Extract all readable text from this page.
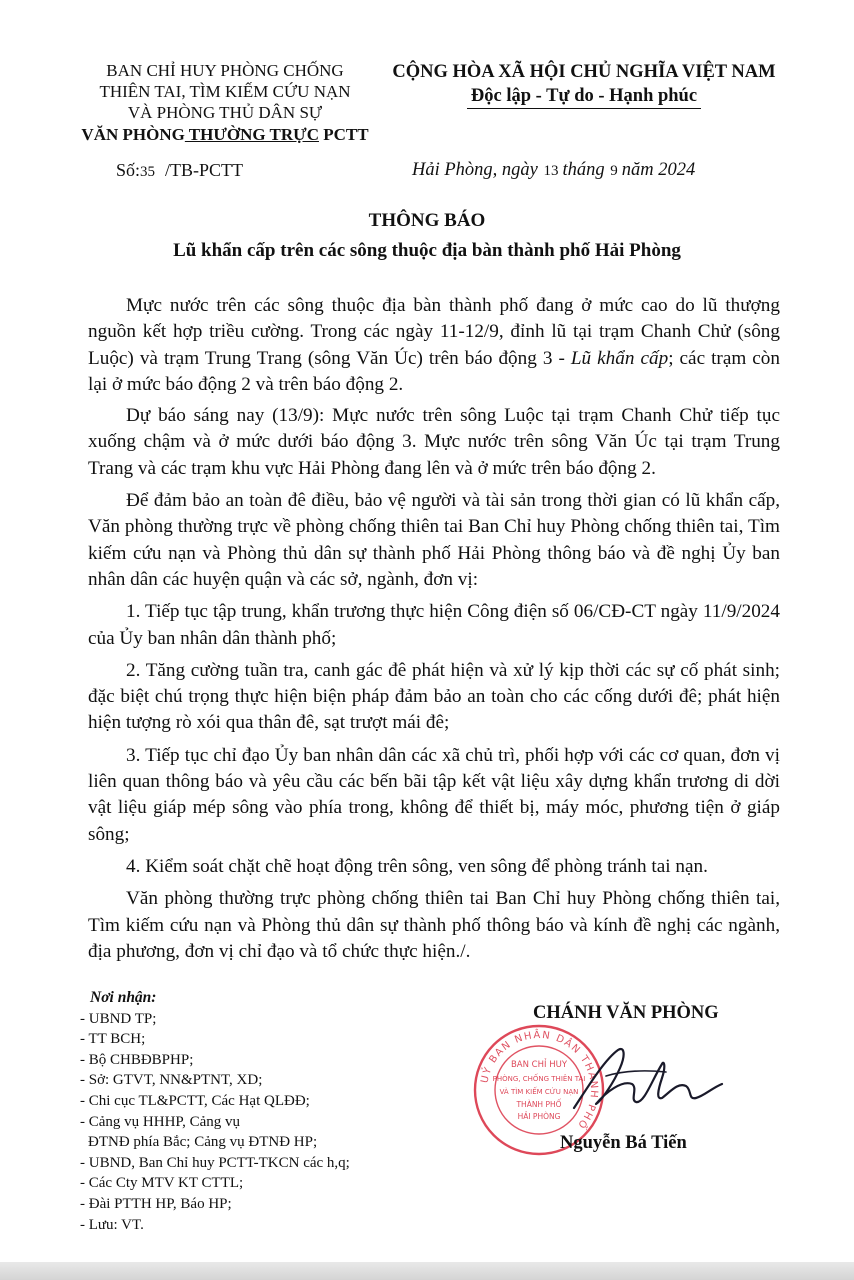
BAN CHỈ HUY PHÒNG CHỐNG
THIÊN TAI, TÌM KIẾM CỨU NẠN
VÀ PHÒNG THỦ DÂN SỰ
VĂN PHÒNG THƯỜNG TRỰC PCTT
CỘNG HÒA XÃ HỘI CHỦ NGHĨA VIỆT NAM
Độc lập - Tự do - Hạnh phúc
Số:35 /TB-PCTT	Hải Phòng, ngày 13 tháng 9 năm 2024
THÔNG BÁO
Lũ khẩn cấp trên các sông thuộc địa bàn thành phố Hải Phòng

Mực nước trên các sông thuộc địa bàn thành phố đang ở mức cao do lũ thượng nguồn kết hợp triều cường. Trong các ngày 11-12/9, đỉnh lũ tại trạm Chanh Chử (sông Luộc) và trạm Trung Trang (sông Văn Úc) trên báo động 3 - Lũ khẩn cấp; các trạm còn lại ở mức báo động 2 và trên báo động 2.

Dự báo sáng nay (13/9): Mực nước trên sông Luộc tại trạm Chanh Chử tiếp tục xuống chậm và ở mức dưới báo động 3. Mực nước trên sông Văn Úc tại trạm Trung Trang và các trạm khu vực Hải Phòng đang lên và ở mức trên báo động 2.

Để đảm bảo an toàn đê điều, bảo vệ người và tài sản trong thời gian có lũ khẩn cấp, Văn phòng thường trực về phòng chống thiên tai Ban Chỉ huy Phòng chống thiên tai, Tìm kiếm cứu nạn và Phòng thủ dân sự thành phố Hải Phòng thông báo và đề nghị Ủy ban nhân dân các huyện quận và các sở, ngành, đơn vị:

1. Tiếp tục tập trung, khẩn trương thực hiện Công điện số 06/CĐ-CT ngày 11/9/2024 của Ủy ban nhân dân thành phố;

2. Tăng cường tuần tra, canh gác đê phát hiện và xử lý kịp thời các sự cố phát sinh; đặc biệt chú trọng thực hiện biện pháp đảm bảo an toàn cho các cống dưới đê; phát hiện hiện tượng rò xói qua thân đê, sạt trượt mái đê;

3. Tiếp tục chỉ đạo Ủy ban nhân dân các xã chủ trì, phối hợp với các cơ quan, đơn vị liên quan thông báo và yêu cầu các bến bãi tập kết vật liệu xây dựng khẩn trương di dời vật liệu giáp mép sông vào phía trong, không để thiết bị, máy móc, phương tiện ở giáp sông;

4. Kiểm soát chặt chẽ hoạt động trên sông, ven sông để phòng tránh tai nạn.

Văn phòng thường trực phòng chống thiên tai Ban Chỉ huy Phòng chống thiên tai, Tìm kiếm cứu nạn và Phòng thủ dân sự thành phố thông báo và kính đề nghị các ngành, địa phương, đơn vị chỉ đạo và tổ chức thực hiện./.

Nơi nhận:
- UBND TP;
- TT BCH;
- Bộ CHBĐBPHP;
- Sở: GTVT, NN&PTNT, XD;
- Chi cục TL&PCTT, Các Hạt QLĐĐ;
- Cảng vụ HHHP, Cảng vụ
ĐTNĐ phía Bắc; Cảng vụ ĐTNĐ HP;
- UBND, Ban Chỉ huy PCTT-TKCN các h,q;
- Các Cty MTV KT CTTL;
- Đài PTTH HP, Báo HP;
- Lưu: VT.
CHÁNH VĂN PHÒNG
UỶ BAN NHÂN DÂN THÀNH PHỐ
BAN CHỈ HUY
PHÒNG, CHỐNG THIÊN TAI
VÀ TÌM KIẾM CỨU NẠN
THÀNH PHỐ
HẢI PHÒNG
Nguyễn Bá Tiến
